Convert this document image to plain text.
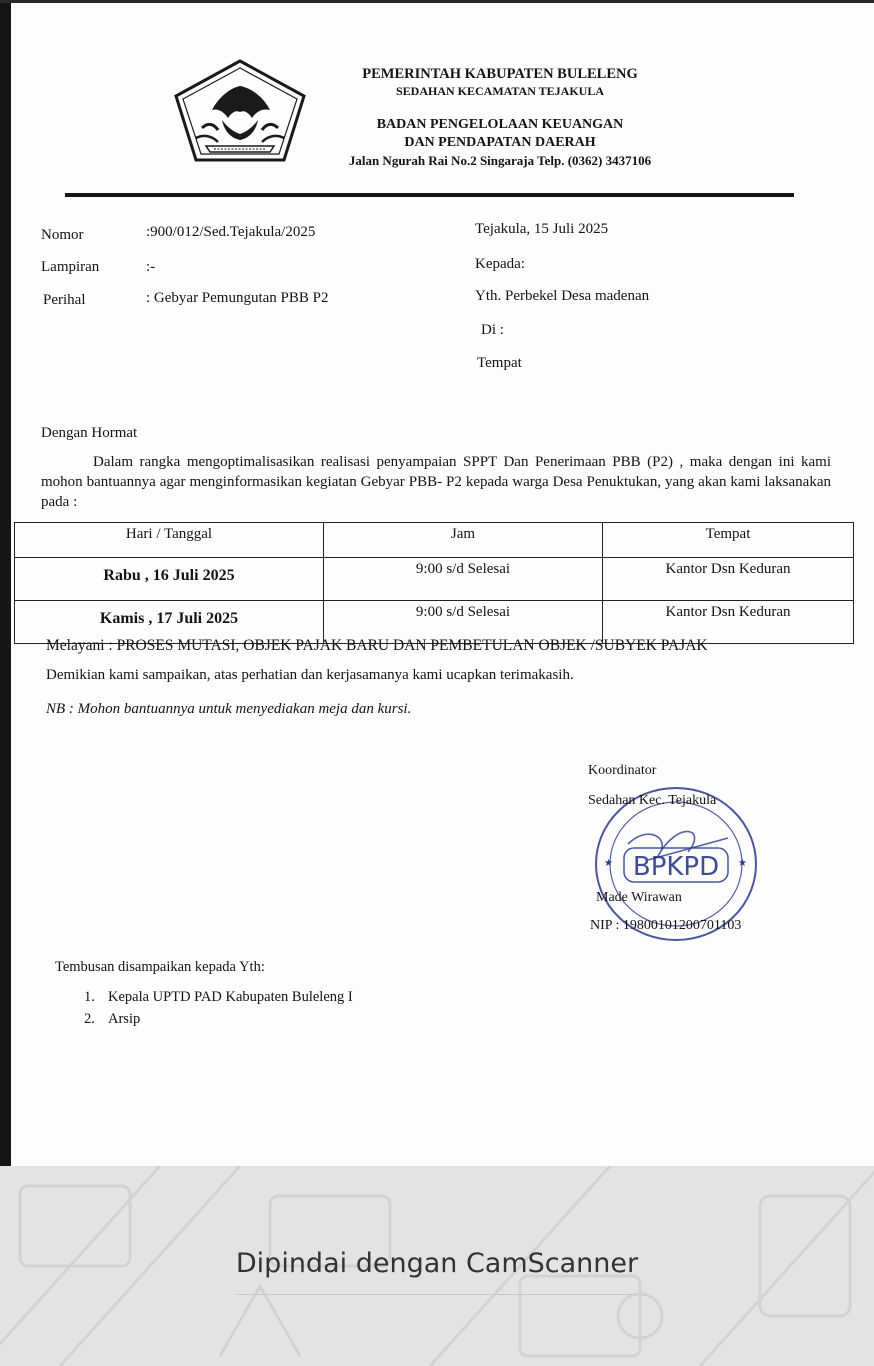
PEMERINTAH KABUPATEN BULELENG
SEDAHAN KECAMATAN TEJAKULA
BADAN PENGELOLAAN KEUANGAN
DAN PENDAPATAN DAERAH
Jalan Ngurah Rai No.2 Singaraja Telp. (0362) 3437106
Nomor	:900/012/Sed.Tejakula/2025
Lampiran	:-
Perihal	: Gebyar Pemungutan PBB P2
Tejakula, 15 Juli 2025
Kepada:
Yth. Perbekel Desa madenan
Di :
Tempat
Dengan Hormat
Dalam rangka mengoptimalisasikan realisasi penyampaian SPPT Dan Penerimaan PBB (P2) , maka dengan ini kami mohon bantuannya agar menginformasikan kegiatan Gebyar PBB- P2 kepada warga Desa Penuktukan, yang akan kami laksanakan pada :
Hari / Tanggal	Jam	Tempat
Rabu , 16 Juli 2025	9:00 s/d Selesai	Kantor Dsn Keduran
Kamis , 17 Juli 2025	9:00 s/d Selesai	Kantor Dsn Keduran
Melayani : PROSES MUTASI, OBJEK PAJAK BARU DAN PEMBETULAN OBJEK /SUBYEK PAJAK
Demikian kami sampaikan, atas perhatian dan kerjasamanya kami ucapkan terimakasih.
NB : Mohon bantuannya untuk menyediakan meja dan kursi.
Koordinator
BPKPD
★	★
Sedahan Kec. Tejakula
Made Wirawan
NIP : 19800101200701103
Tembusan disampaikan kepada Yth:
1. Kepala UPTD PAD Kabupaten Buleleng I
2. Arsip
Dipindai dengan CamScanner
